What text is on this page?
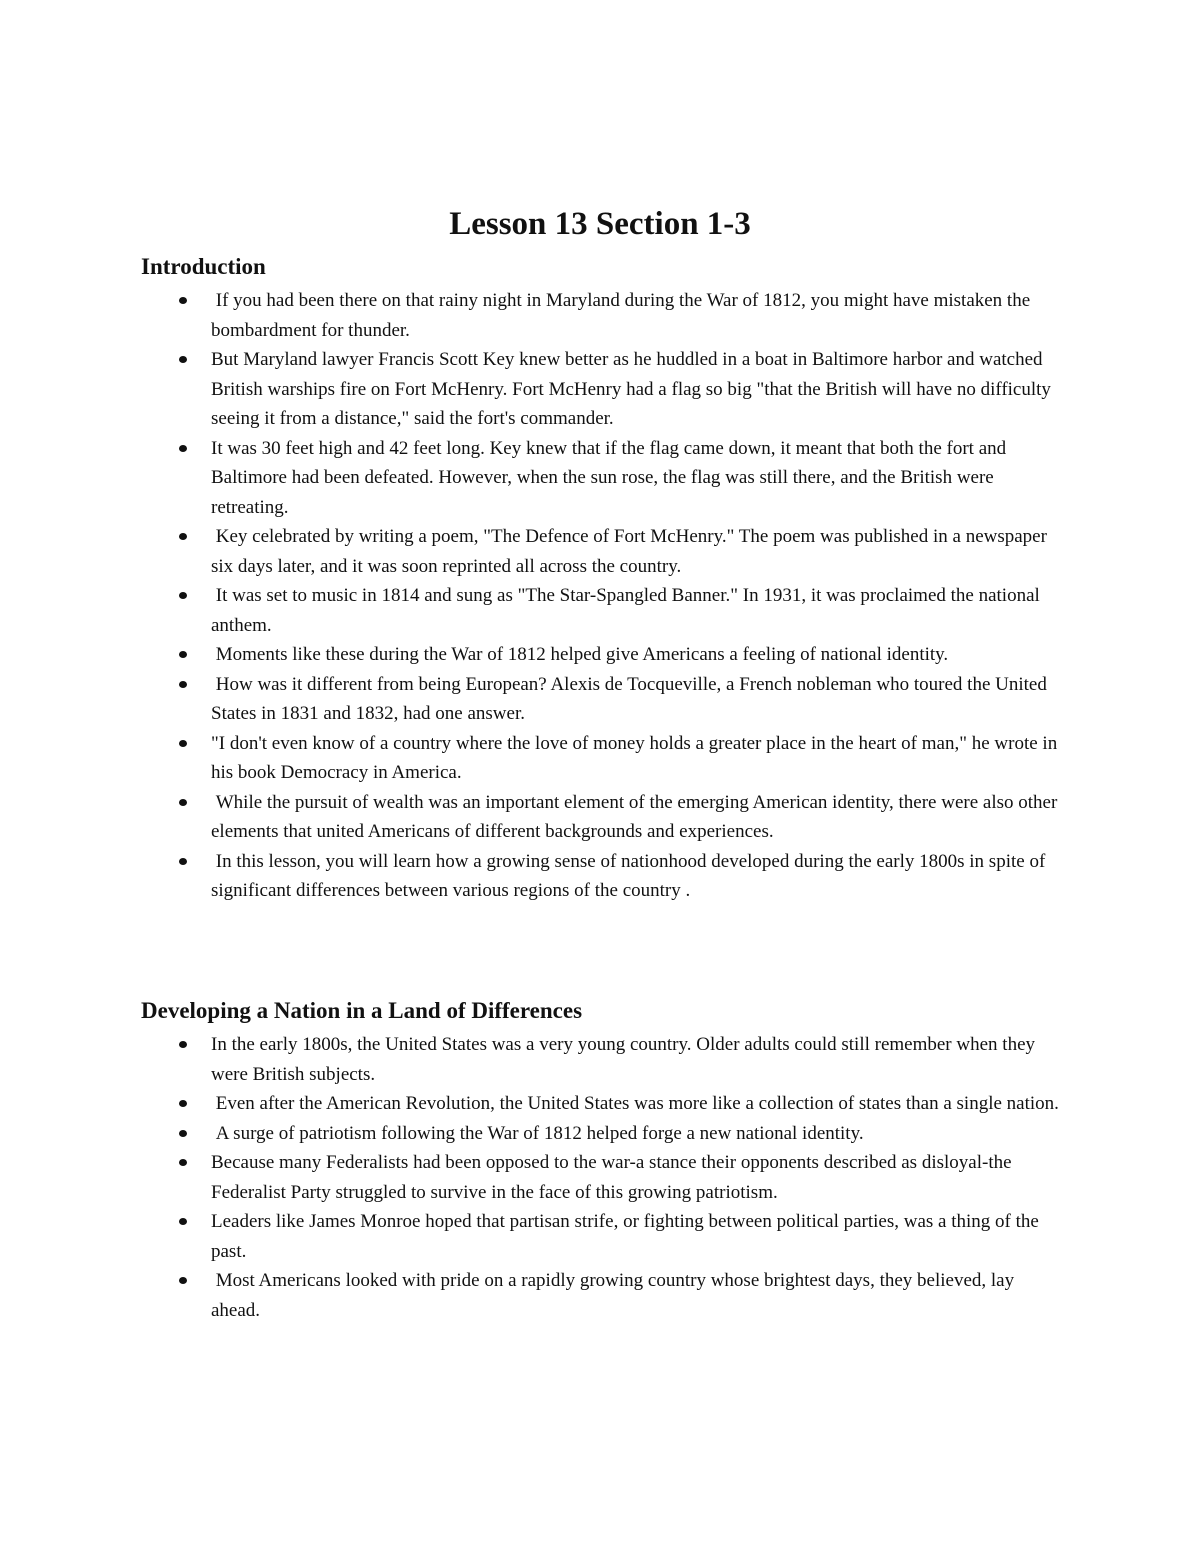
Lesson 13 Section 1-3
Introduction
If you had been there on that rainy night in Maryland during the War of 1812, you might have mistaken the bombardment for thunder.
But Maryland lawyer Francis Scott Key knew better as he huddled in a boat in Baltimore harbor and watched British warships fire on Fort McHenry. Fort McHenry had a flag so big "that the British will have no difficulty seeing it from a distance," said the fort's commander.
It was 30 feet high and 42 feet long. Key knew that if the flag came down, it meant that both the fort and Baltimore had been defeated. However, when the sun rose, the flag was still there, and the British were retreating.
Key celebrated by writing a poem, "The Defence of Fort McHenry." The poem was published in a newspaper six days later, and it was soon reprinted all across the country.
It was set to music in 1814 and sung as "The Star-Spangled Banner." In 1931, it was proclaimed the national anthem.
Moments like these during the War of 1812 helped give Americans a feeling of national identity.
How was it different from being European? Alexis de Tocqueville, a French nobleman who toured the United States in 1831 and 1832, had one answer.
"I don't even know of a country where the love of money holds a greater place in the heart of man," he wrote in his book Democracy in America.
While the pursuit of wealth was an important element of the emerging American identity, there were also other elements that united Americans of different backgrounds and experiences.
In this lesson, you will learn how a growing sense of nationhood developed during the early 1800s in spite of significant differences between various regions of the country .
Developing a Nation in a Land of Differences
In the early 1800s, the United States was a very young country. Older adults could still remember when they were British subjects.
Even after the American Revolution, the United States was more like a collection of states than a single nation.
A surge of patriotism following the War of 1812 helped forge a new national identity.
Because many Federalists had been opposed to the war-a stance their opponents described as disloyal-the Federalist Party struggled to survive in the face of this growing patriotism.
Leaders like James Monroe hoped that partisan strife, or fighting between political parties, was a thing of the past.
Most Americans looked with pride on a rapidly growing country whose brightest days, they believed, lay ahead.
